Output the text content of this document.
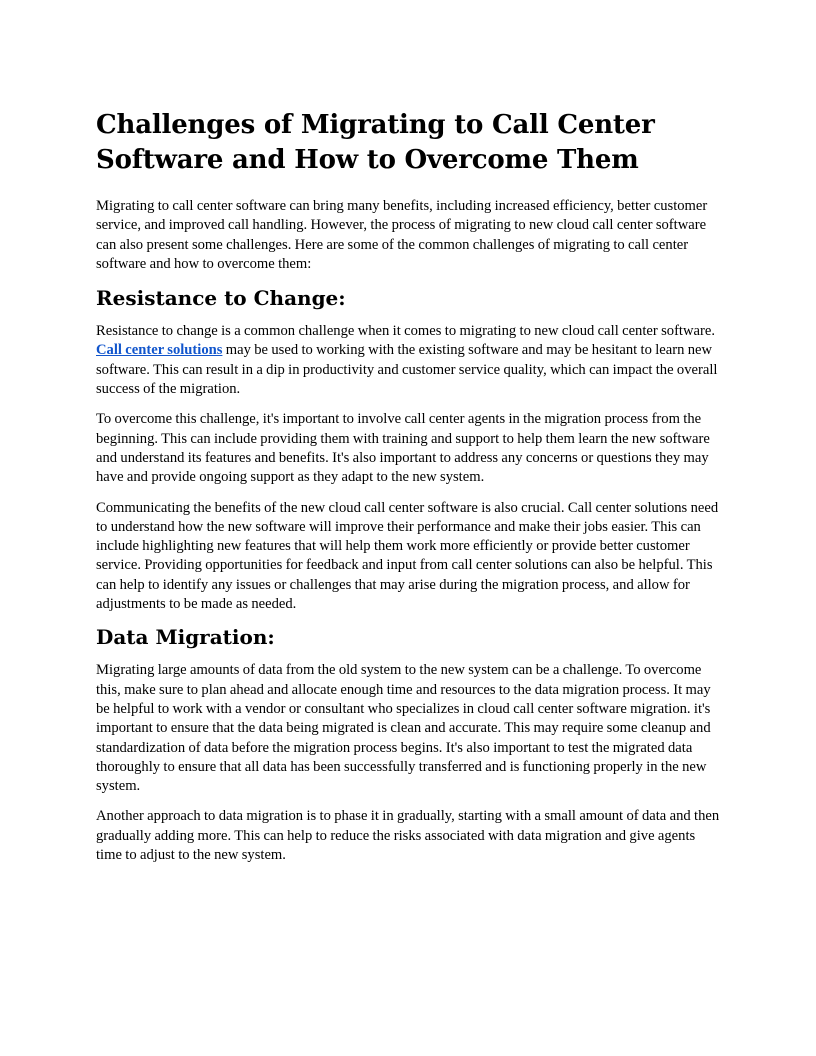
Challenges of Migrating to Call Center Software and How to Overcome Them

Migrating to call center software can bring many benefits, including increased efficiency, better customer service, and improved call handling. However, the process of migrating to new cloud call center software can also present some challenges. Here are some of the common challenges of migrating to call center software and how to overcome them:

Resistance to Change:

Resistance to change is a common challenge when it comes to migrating to new cloud call center software. Call center solutions may be used to working with the existing software and may be hesitant to learn new software. This can result in a dip in productivity and customer service quality, which can impact the overall success of the migration.

To overcome this challenge, it's important to involve call center agents in the migration process from the beginning. This can include providing them with training and support to help them learn the new software and understand its features and benefits. It's also important to address any concerns or questions they may have and provide ongoing support as they adapt to the new system.

Communicating the benefits of the new cloud call center software is also crucial. Call center solutions need to understand how the new software will improve their performance and make their jobs easier. This can include highlighting new features that will help them work more efficiently or provide better customer service. Providing opportunities for feedback and input from call center solutions can also be helpful. This can help to identify any issues or challenges that may arise during the migration process, and allow for adjustments to be made as needed.

Data Migration:

Migrating large amounts of data from the old system to the new system can be a challenge. To overcome this, make sure to plan ahead and allocate enough time and resources to the data migration process. It may be helpful to work with a vendor or consultant who specializes in cloud call center software migration. it's important to ensure that the data being migrated is clean and accurate. This may require some cleanup and standardization of data before the migration process begins. It's also important to test the migrated data thoroughly to ensure that all data has been successfully transferred and is functioning properly in the new system.

Another approach to data migration is to phase it in gradually, starting with a small amount of data and then gradually adding more. This can help to reduce the risks associated with data migration and give agents time to adjust to the new system.
